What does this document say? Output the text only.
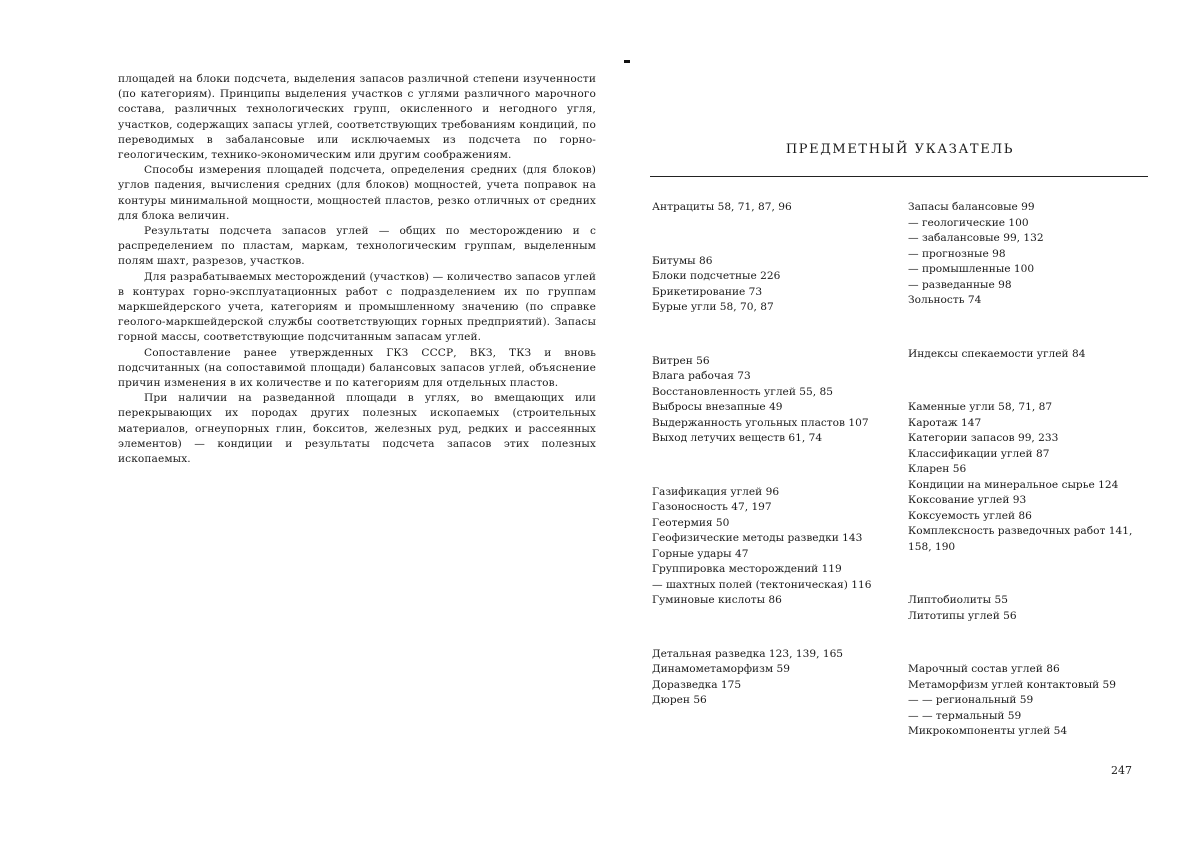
площадей на блоки подсчета, выделения запасов различной степени изученности (по категориям). Принципы выделения участков с углями различного марочного состава, различных технологических групп, окисленного и негодного угля, участков, содержащих запасы углей, соответствующих требованиям кондиций, по переводимых в забалансовые или исключаемых из подсчета по горно-геологическим, технико-экономическим или другим соображениям.

Способы измерения площадей подсчета, определения средних (для блоков) углов падения, вычисления средних (для блоков) мощностей, учета поправок на контуры минимальной мощности, мощностей пластов, резко отличных от средних для блока величин.

Результаты подсчета запасов углей — общих по месторождению и с распределением по пластам, маркам, технологическим группам, выделенным полям шахт, разрезов, участков.

Для разрабатываемых месторождений (участков) — количество запасов углей в контурах горно-эксплуатационных работ с подразделением их по группам маркшейдерского учета, категориям и промышленному значению (по справке геолого-маркшейдерской службы соответствующих горных предприятий). Запасы горной массы, соответствующие подсчитанным запасам углей.

Сопоставление ранее утвержденных ГКЗ СССР, ВКЗ, ТКЗ и вновь подсчитанных (на сопоставимой площади) балансовых запасов углей, объяснение причин изменения в их количестве и по категориям для отдельных пластов.

При наличии на разведанной площади в углях, во вмещающих или перекрывающих их породах других полезных ископаемых (строительных материалов, огнеупорных глин, бокситов, железных руд, редких и рассеянных элементов) — кондиции и результаты подсчета запасов этих полезных ископаемых.

ПРЕДМЕТНЫЙ УКАЗАТЕЛЬ
Антрациты 58, 71, 87, 96
Битумы 86
Блоки подсчетные 226
Брикетирование 73
Бурые угли 58, 70, 87
Витрен 56
Влага рабочая 73
Восстановленность углей 55, 85
Выбросы внезапные 49
Выдержанность угольных пластов 107
Выход летучих веществ 61, 74
Газификация углей 96
Газоносность 47, 197
Геотермия 50
Геофизические методы разведки 143
Горные удары 47
Группировка месторождений 119
— шахтных полей (тектоническая) 116
Гуминовые кислоты 86
Детальная разведка 123, 139, 165
Динамометаморфизм 59
Доразведка 175
Дюрен 56
Запасы балансовые 99
— геологические 100
— забалансовые 99, 132
— прогнозные 98
— промышленные 100
— разведанные 98
Зольность 74
Индексы спекаемости углей 84
Каменные угли 58, 71, 87
Каротаж 147
Категории запасов 99, 233
Классификации углей 87
Кларен 56
Кондиции на минеральное сырье 124
Коксование углей 93
Коксуемость углей 86
Комплексность разведочных работ 141, 158, 190
Липтобиолиты 55
Литотипы углей 56
Марочный состав углей 86
Метаморфизм углей контактовый 59
— — региональный 59
— — термальный 59
Микрокомпоненты углей 54
247
